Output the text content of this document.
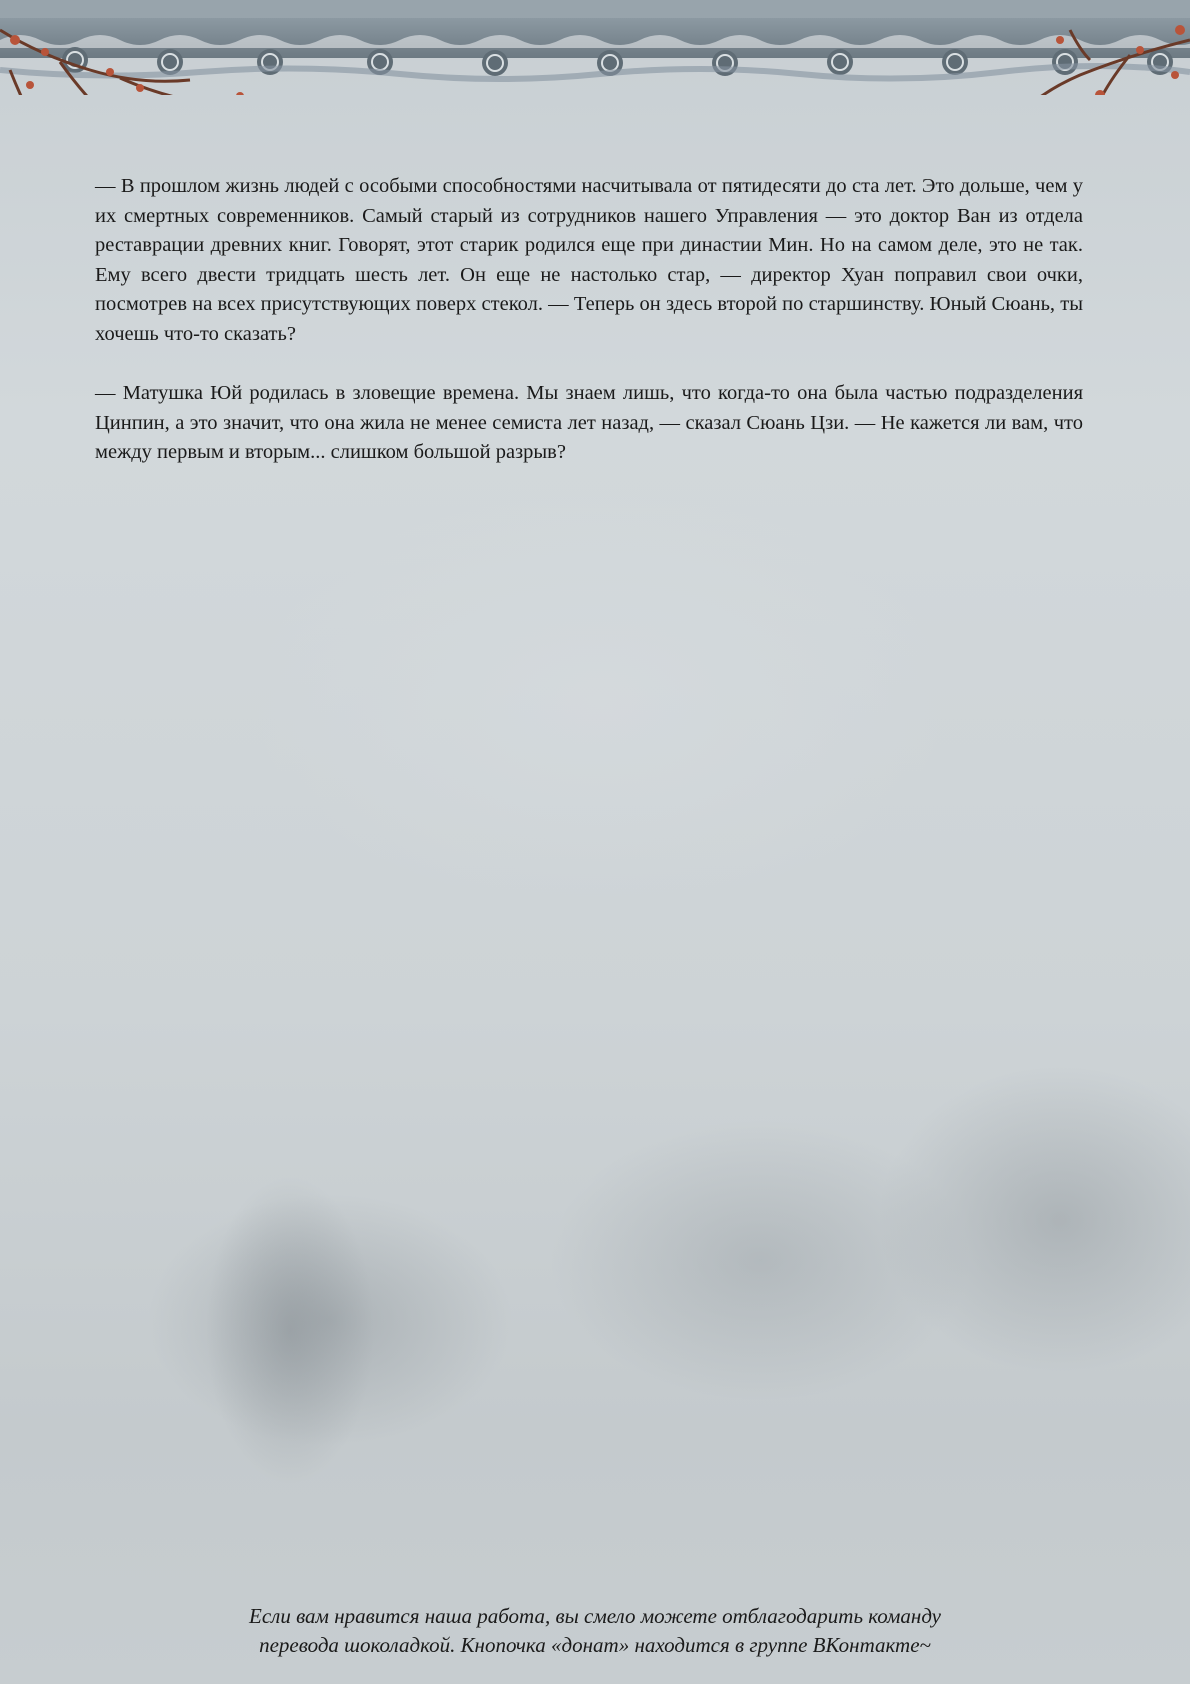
— В прошлом жизнь людей с особыми способностями насчитывала от пятидесяти до ста лет. Это дольше, чем у их смертных современников. Самый старый из сотрудников нашего Управления — это доктор Ван из отдела реставрации древних книг. Говорят, этот старик родился еще при династии Мин. Но на самом деле, это не так. Ему всего двести тридцать шесть лет. Он еще не настолько стар, — директор Хуан поправил свои очки, посмотрев на всех присутствующих поверх стекол. — Теперь он здесь второй по старшинству. Юный Сюань, ты хочешь что-то сказать?

— Матушка Юй родилась в зловещие времена. Мы знаем лишь, что когда-то она была частью подразделения Цинпин, а это значит, что она жила не менее семиста лет назад, — сказал Сюань Цзи. — Не кажется ли вам, что между первым и вторым... слишком большой разрыв?

Если вам нравится наша работа, вы смело можете отблагодарить команду
перевода шоколадкой. Кнопочка «донат» находится в группе ВКонтакте~
